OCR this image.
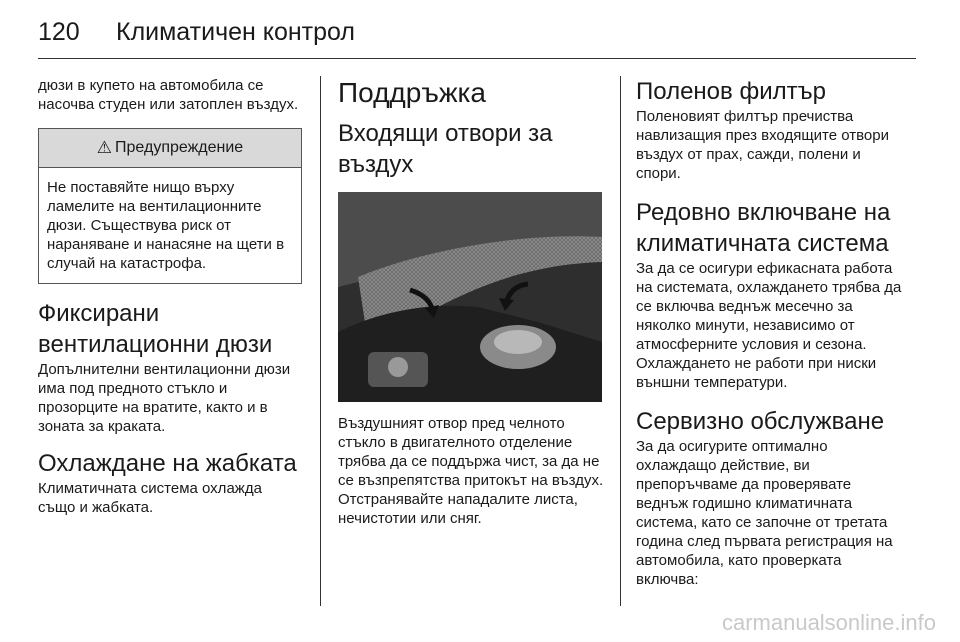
120	Климатичен контрол

дюзи в купето на автомобила се насочва студен или затоплен въздух.

⚠ Предупреждение

Не поставяйте нищо върху ламелите на вентилационните дюзи. Съществува риск от нараняване и нанасяне на щети в случай на катастрофа.

Фиксирани вентилационни дюзи

Допълнителни вентилационни дюзи има под предното стъкло и прозорците на вратите, както и в зоната за краката.

Охлаждане на жабката

Климатичната система охлажда също и жабката.

Поддръжка
Входящи отвори за въздух

Въздушният отвор пред челното стъкло в двигателното отделение трябва да се поддържа чист, за да не се възпрепятства притокът на въздух. Отстранявайте нападалите листа, нечистотии или сняг.

Поленов филтър

Поленовият филтър пречиства навлизащия през входящите отвори въздух от прах, сажди, полени и спори.

Редовно включване на климатичната система

За да се осигури ефикасната работа на системата, охлаждането трябва да се включва веднъж месечно за няколко минути, независимо от атмосферните условия и сезона. Охлаждането не работи при ниски външни температури.

Сервизно обслужване

За да осигурите оптимално охлаждащо действие, ви препоръчваме да проверявате веднъж годишно климатичната система, като се започне от третата година след първата регистрация на автомобила, като проверката включва:

carmanualsonline.info
